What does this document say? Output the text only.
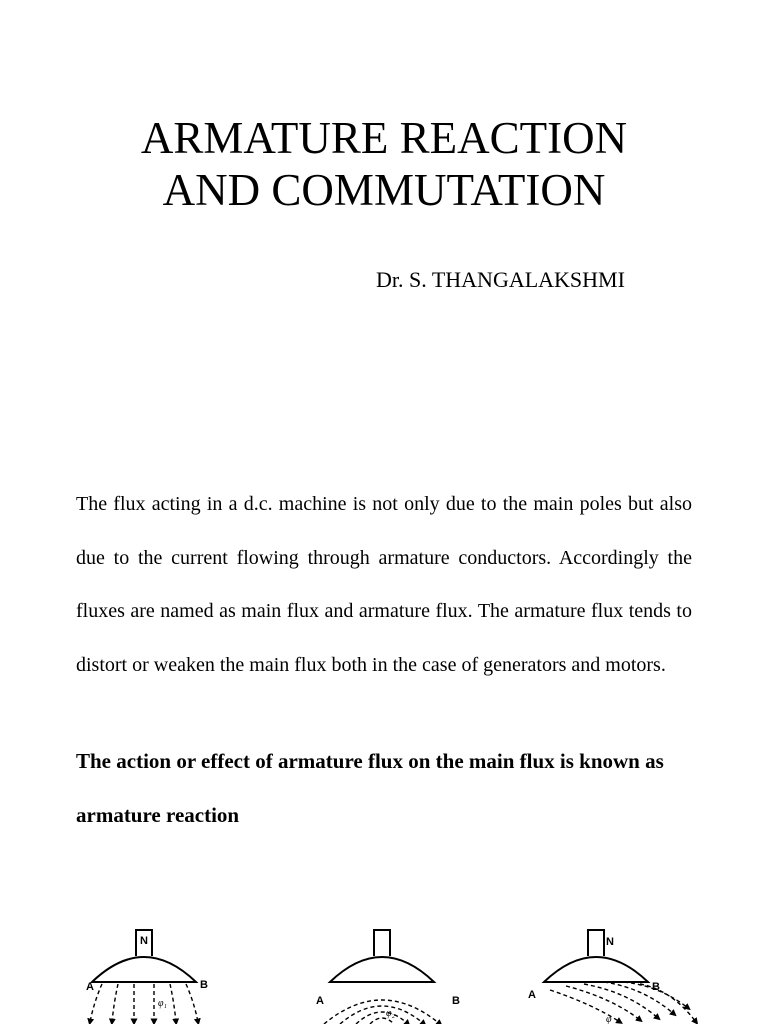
ARMATURE REACTION
AND COMMUTATION
Dr. S. THANGALAKSHMI
The flux acting in a d.c. machine is not only due to the main poles but also due to the current flowing through armature conductors. Accordingly the fluxes are named as main flux and armature flux. The armature flux tends to distort or weaken the main flux both in the case of generators and motors.
The action or effect of armature flux on the main flux is known as armature reaction
N
A	B
φ₁	A	B
φ₂
N
A
B
φ
